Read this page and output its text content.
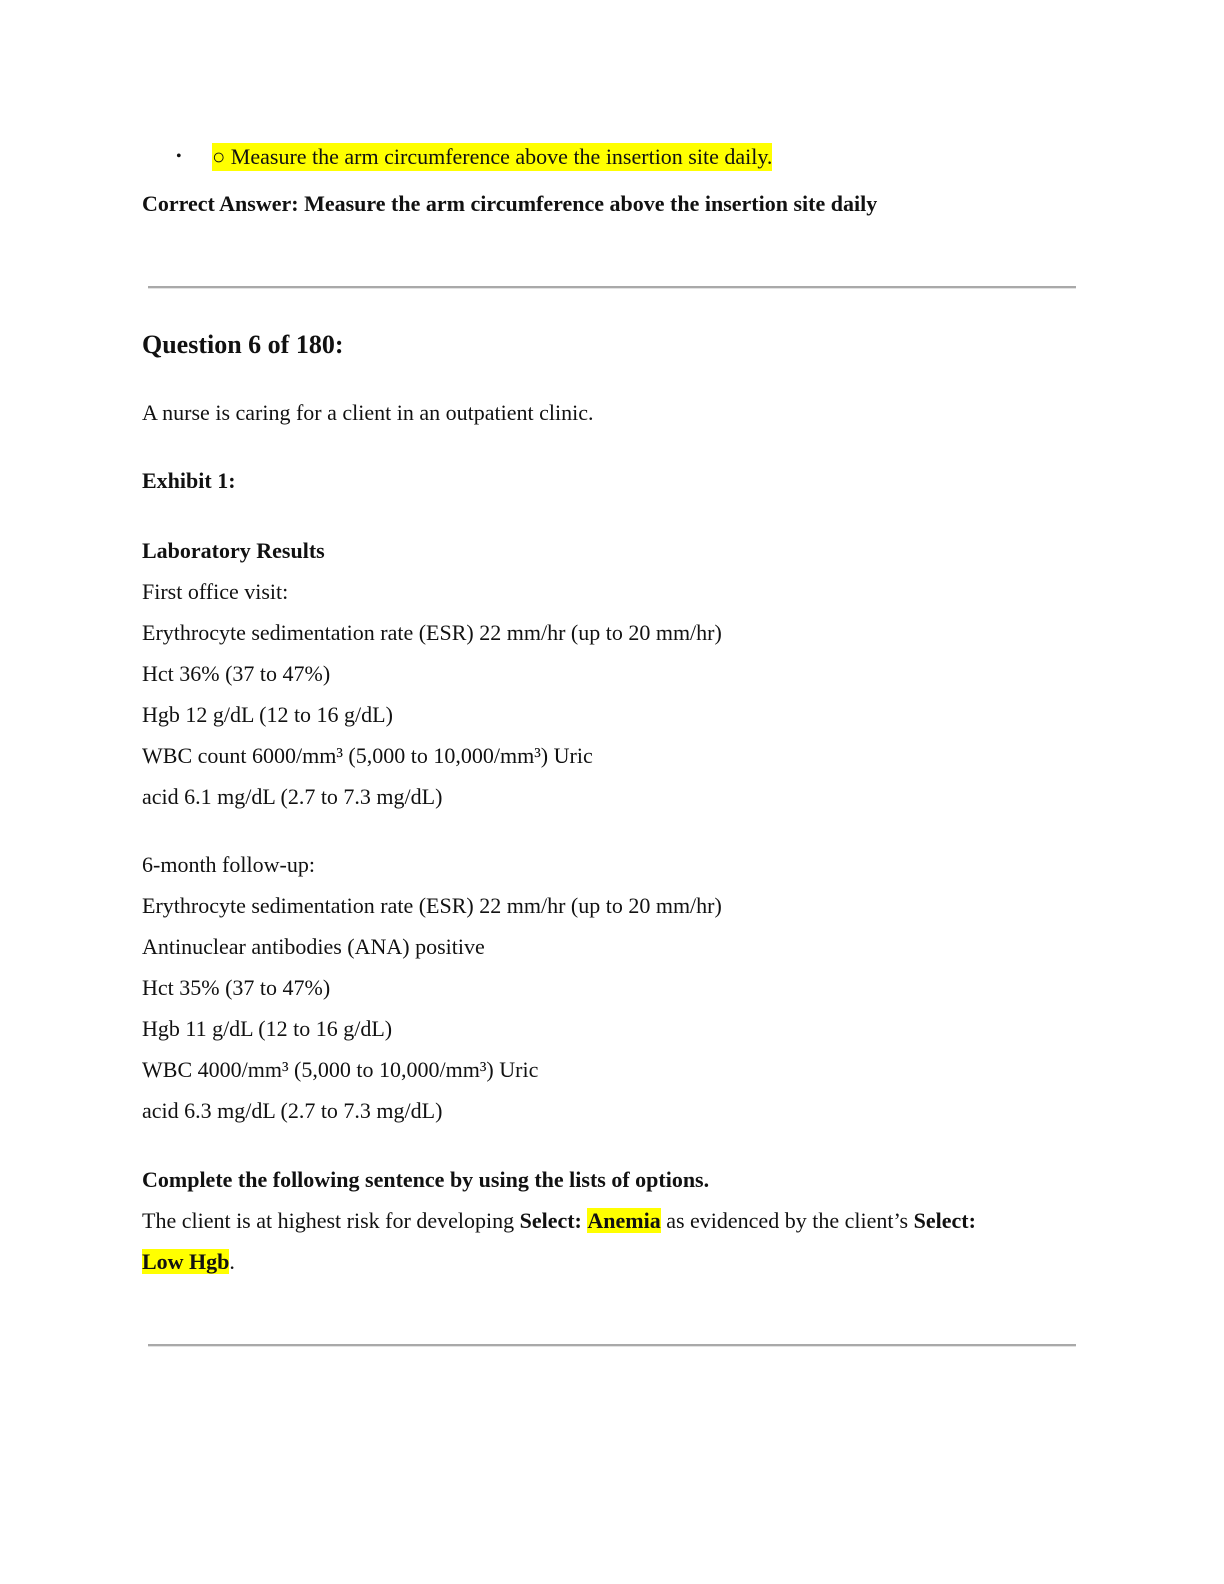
• ○ Measure the arm circumference above the insertion site daily.
Correct Answer: Measure the arm circumference above the insertion site daily
Question 6 of 180:
A nurse is caring for a client in an outpatient clinic.
Exhibit 1:
Laboratory Results
First office visit:
Erythrocyte sedimentation rate (ESR) 22 mm/hr (up to 20 mm/hr)
Hct 36% (37 to 47%)
Hgb 12 g/dL (12 to 16 g/dL)
WBC count 6000/mm³ (5,000 to 10,000/mm³) Uric
acid 6.1 mg/dL (2.7 to 7.3 mg/dL)
6-month follow-up:
Erythrocyte sedimentation rate (ESR) 22 mm/hr (up to 20 mm/hr)
Antinuclear antibodies (ANA) positive
Hct 35% (37 to 47%)
Hgb 11 g/dL (12 to 16 g/dL)
WBC 4000/mm³ (5,000 to 10,000/mm³) Uric
acid 6.3 mg/dL (2.7 to 7.3 mg/dL)
Complete the following sentence by using the lists of options.
The client is at highest risk for developing Select: Anemia as evidenced by the client’s Select:
Low Hgb.
